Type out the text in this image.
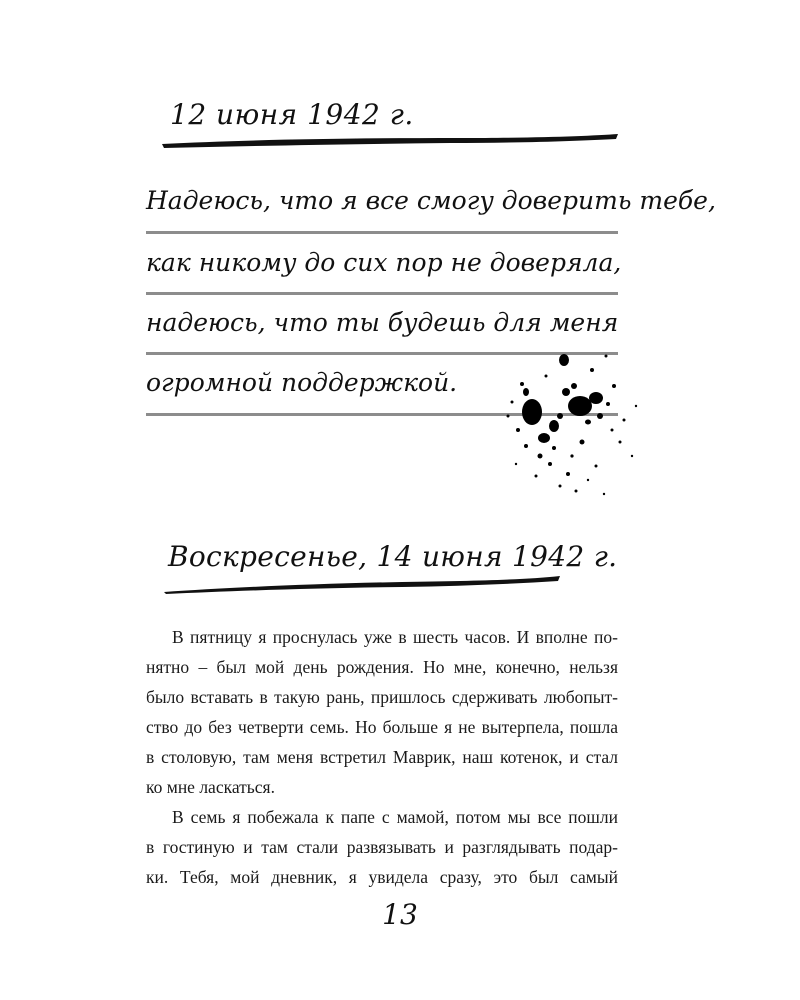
12 июня 1942 г.
Надеюсь, что я все смогу доверить тебе,
как никому до сих пор не доверяла,
надеюсь, что ты будешь для меня
огромной поддержкой.
Воскресенье, 14 июня 1942 г.

В пятницу я проснулась уже в шесть часов. И вполне по-

нятно – был мой день рождения. Но мне, конечно, нельзя

было вставать в такую рань, пришлось сдерживать любопыт-

ство до без четверти семь. Но больше я не вытерпела, пошла

в столовую, там меня встретил Маврик, наш котенок, и стал

ко мне ласкаться.

В семь я побежала к папе с мамой, потом мы все пошли

в гостиную и там стали развязывать и разглядывать подар-

ки. Тебя, мой дневник, я увидела сразу, это был самый

13
